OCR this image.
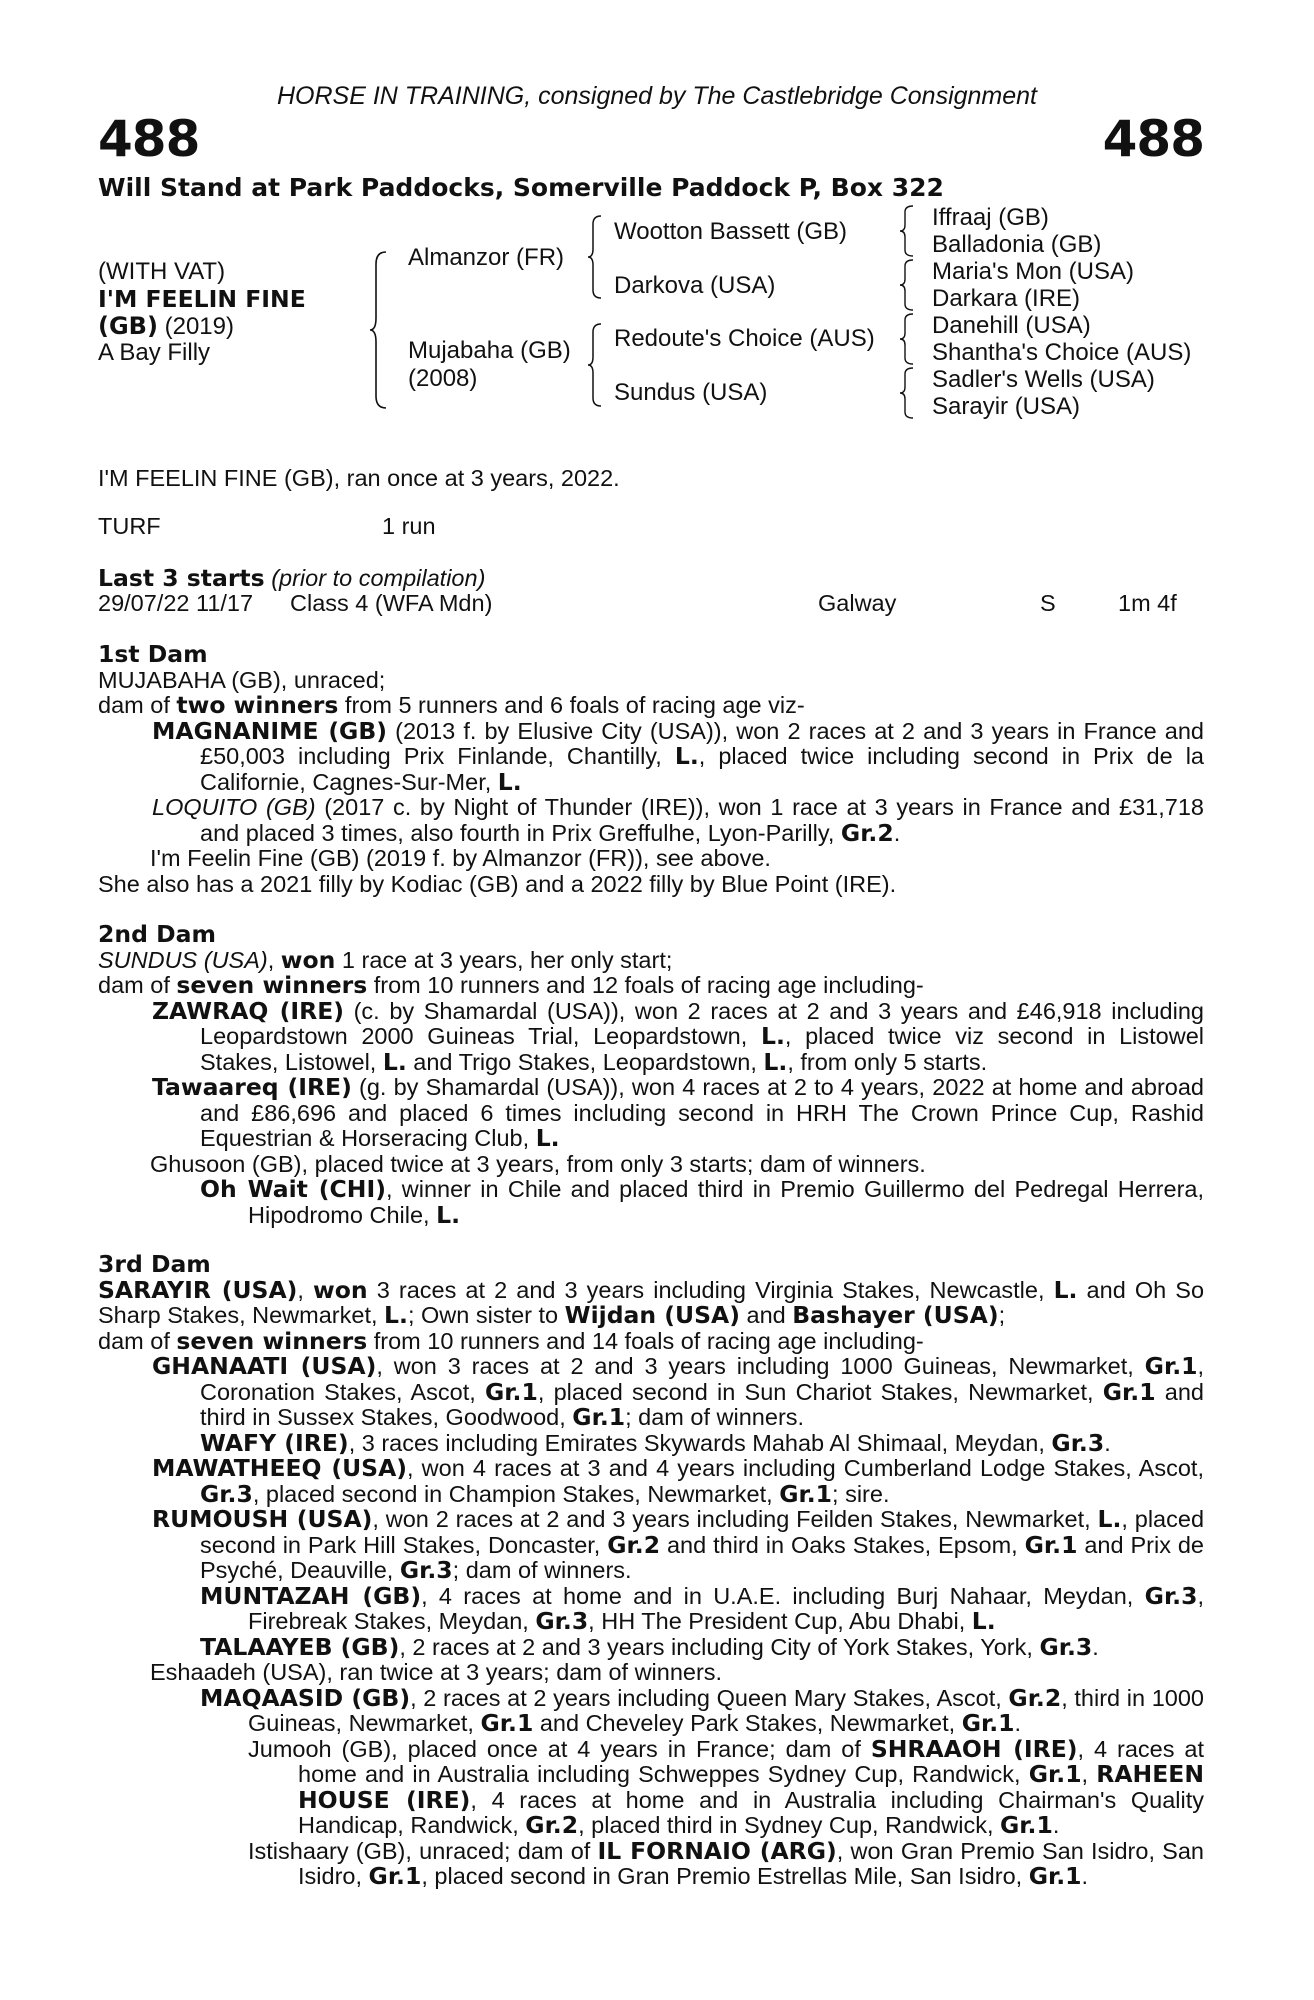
HORSE IN TRAINING, consigned by The Castlebridge Consignment
488	488
Will Stand at Park Paddocks, Somerville Paddock P, Box 322
(WITH VAT)
I'M FEELIN FINE
(GB) (2019)
A Bay Filly
Almanzor (FR)
Mujabaha (GB)
(2008)
Wootton Bassett (GB)
Darkova (USA)
Redoute's Choice (AUS)
Sundus (USA)
Iffraaj (GB)
Balladonia (GB)
Maria's Mon (USA)
Darkara (IRE)
Danehill (USA)
Shantha's Choice (AUS)
Sadler's Wells (USA)
Sarayir (USA)
I'M FEELIN FINE (GB), ran once at 3 years, 2022.
TURF	1 run
Last 3 starts (prior to compilation)
29/07/22 11/17 Class 4 (WFA Mdn)	Galway	S	1m 4f

1st Dam

MUJABAHA (GB), unraced;

dam of two winners from 5 runners and 6 foals of racing age viz-

MAGNANIME (GB) (2013 f. by Elusive City (USA)), won 2 races at 2 and 3 years in France and £50,003 including Prix Finlande, Chantilly, L., placed twice including second in Prix de la Californie, Cagnes-Sur-Mer, L.

LOQUITO (GB) (2017 c. by Night of Thunder (IRE)), won 1 race at 3 years in France and £31,718 and placed 3 times, also fourth in Prix Greffulhe, Lyon-Parilly, Gr.2.

I'm Feelin Fine (GB) (2019 f. by Almanzor (FR)), see above.

She also has a 2021 filly by Kodiac (GB) and a 2022 filly by Blue Point (IRE).

2nd Dam

SUNDUS (USA), won 1 race at 3 years, her only start;

dam of seven winners from 10 runners and 12 foals of racing age including-

ZAWRAQ (IRE) (c. by Shamardal (USA)), won 2 races at 2 and 3 years and £46,918 including Leopardstown 2000 Guineas Trial, Leopardstown, L., placed twice viz second in Listowel Stakes, Listowel, L. and Trigo Stakes, Leopardstown, L., from only 5 starts.

Tawaareq (IRE) (g. by Shamardal (USA)), won 4 races at 2 to 4 years, 2022 at home and abroad and £86,696 and placed 6 times including second in HRH The Crown Prince Cup, Rashid Equestrian & Horseracing Club, L.

Ghusoon (GB), placed twice at 3 years, from only 3 starts; dam of winners.

Oh Wait (CHI), winner in Chile and placed third in Premio Guillermo del Pedregal Herrera, Hipodromo Chile, L.

3rd Dam

SARAYIR (USA), won 3 races at 2 and 3 years including Virginia Stakes, Newcastle, L. and Oh So Sharp Stakes, Newmarket, L.; Own sister to Wijdan (USA) and Bashayer (USA);

dam of seven winners from 10 runners and 14 foals of racing age including-

GHANAATI (USA), won 3 races at 2 and 3 years including 1000 Guineas, Newmarket, Gr.1, Coronation Stakes, Ascot, Gr.1, placed second in Sun Chariot Stakes, Newmarket, Gr.1 and third in Sussex Stakes, Goodwood, Gr.1; dam of winners.

WAFY (IRE), 3 races including Emirates Skywards Mahab Al Shimaal, Meydan, Gr.3.

MAWATHEEQ (USA), won 4 races at 3 and 4 years including Cumberland Lodge Stakes, Ascot, Gr.3, placed second in Champion Stakes, Newmarket, Gr.1; sire.

RUMOUSH (USA), won 2 races at 2 and 3 years including Feilden Stakes, Newmarket, L., placed second in Park Hill Stakes, Doncaster, Gr.2 and third in Oaks Stakes, Epsom, Gr.1 and Prix de Psyché, Deauville, Gr.3; dam of winners.

MUNTAZAH (GB), 4 races at home and in U.A.E. including Burj Nahaar, Meydan, Gr.3, Firebreak Stakes, Meydan, Gr.3, HH The President Cup, Abu Dhabi, L.

TALAAYEB (GB), 2 races at 2 and 3 years including City of York Stakes, York, Gr.3.

Eshaadeh (USA), ran twice at 3 years; dam of winners.

MAQAASID (GB), 2 races at 2 years including Queen Mary Stakes, Ascot, Gr.2, third in 1000 Guineas, Newmarket, Gr.1 and Cheveley Park Stakes, Newmarket, Gr.1.

Jumooh (GB), placed once at 4 years in France; dam of SHRAAOH (IRE), 4 races at home and in Australia including Schweppes Sydney Cup, Randwick, Gr.1, RAHEEN HOUSE (IRE), 4 races at home and in Australia including Chairman's Quality Handicap, Randwick, Gr.2, placed third in Sydney Cup, Randwick, Gr.1.

Istishaary (GB), unraced; dam of IL FORNAIO (ARG), won Gran Premio San Isidro, San Isidro, Gr.1, placed second in Gran Premio Estrellas Mile, San Isidro, Gr.1.
